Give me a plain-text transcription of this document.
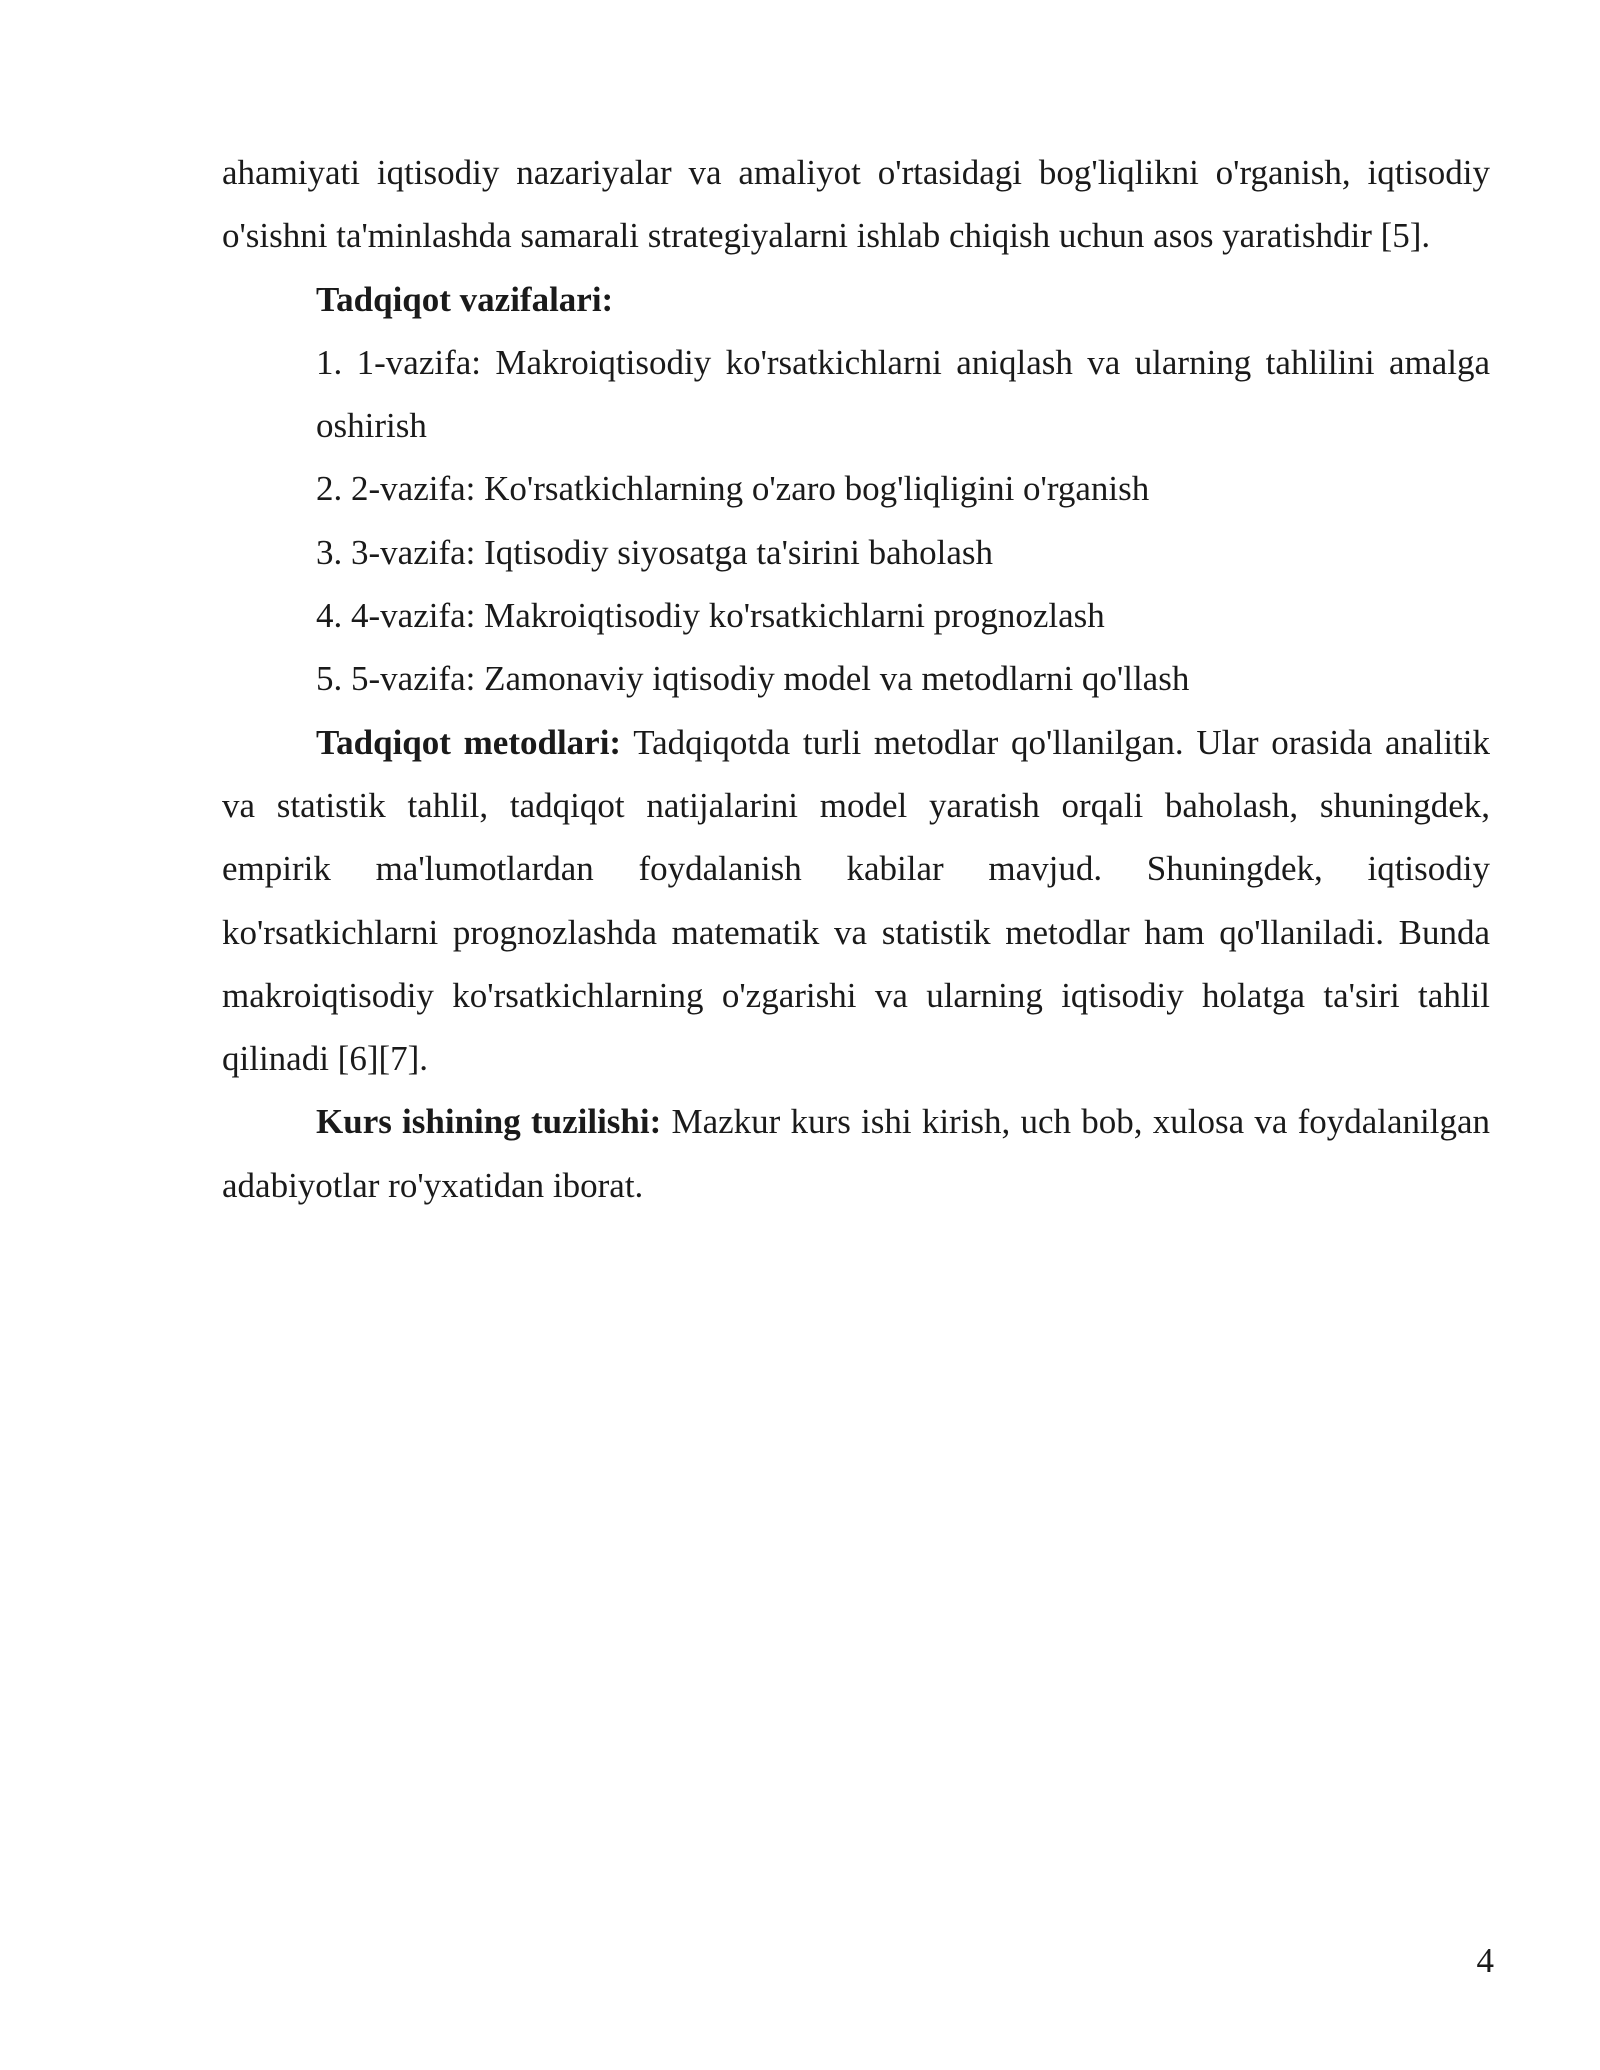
ahamiyati iqtisodiy nazariyalar va amaliyot o'rtasidagi bog'liqlikni o'rganish, iqtisodiy o'sishni ta'minlashda samarali strategiyalarni ishlab chiqish uchun asos yaratishdir [5].

Tadqiqot vazifalari:

1. 1-vazifa: Makroiqtisodiy ko'rsatkichlarni aniqlash va ularning tahlilini amalga oshirish

2. 2-vazifa: Ko'rsatkichlarning o'zaro bog'liqligini o'rganish

3. 3-vazifa: Iqtisodiy siyosatga ta'sirini baholash

4. 4-vazifa: Makroiqtisodiy ko'rsatkichlarni prognozlash

5. 5-vazifa: Zamonaviy iqtisodiy model va metodlarni qo'llash

Tadqiqot metodlari: Tadqiqotda turli metodlar qo'llanilgan. Ular orasida analitik va statistik tahlil, tadqiqot natijalarini model yaratish orqali baholash, shuningdek, empirik ma'lumotlardan foydalanish kabilar mavjud. Shuningdek, iqtisodiy ko'rsatkichlarni prognozlashda matematik va statistik metodlar ham qo'llaniladi. Bunda makroiqtisodiy ko'rsatkichlarning o'zgarishi va ularning iqtisodiy holatga ta'siri tahlil qilinadi [6][7].

Kurs ishining tuzilishi: Mazkur kurs ishi kirish, uch bob, xulosa va foydalanilgan adabiyotlar ro'yxatidan iborat.

4
